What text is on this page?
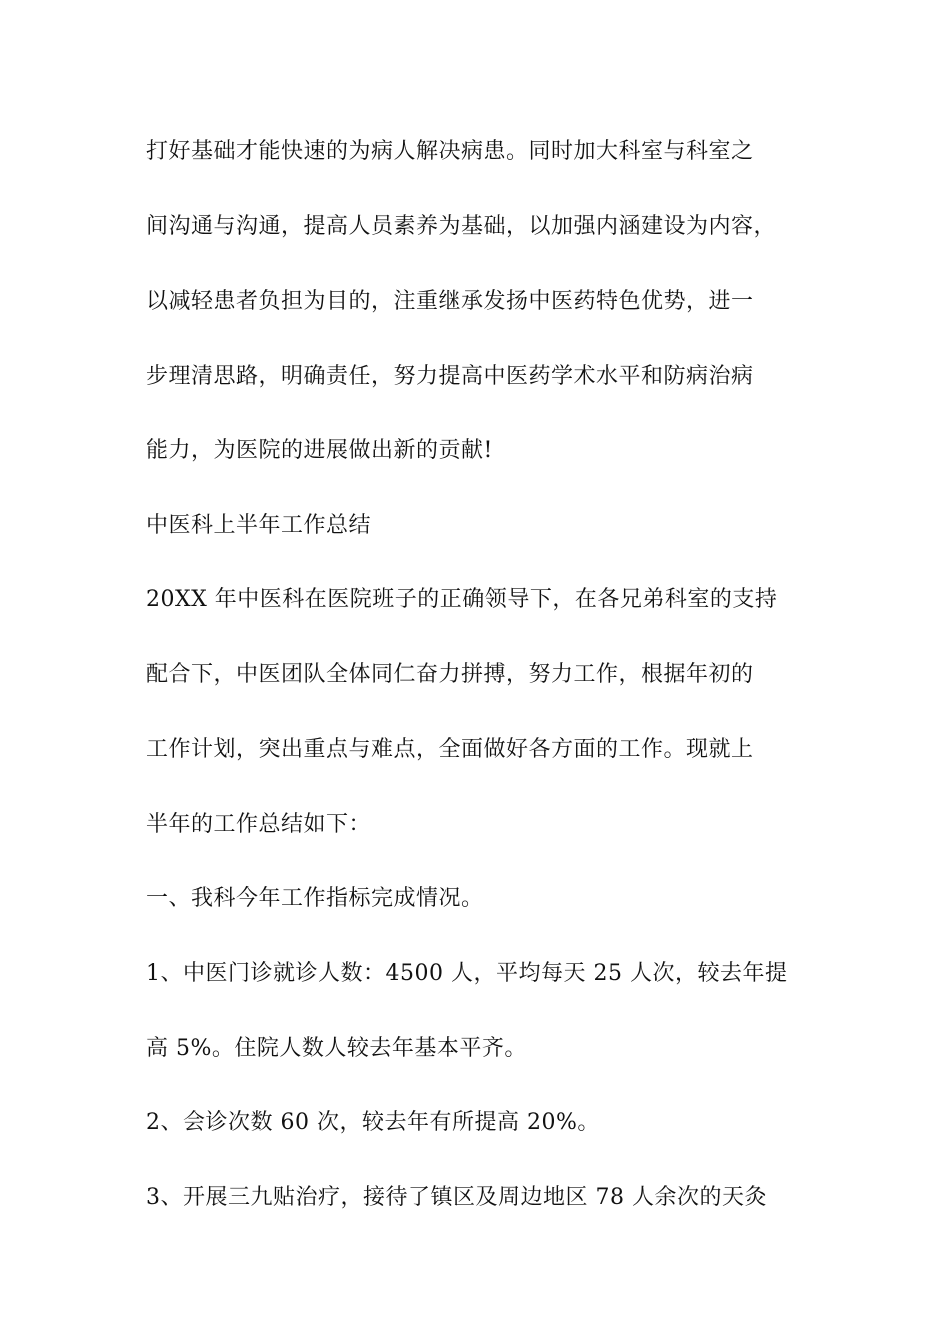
打好基础才能快速的为病人解决病患。同时加大科室与科室之
间沟通与沟通，提高人员素养为基础，以加强内涵建设为内容，
以减轻患者负担为目的，注重继承发扬中医药特色优势，进一
步理清思路，明确责任，努力提高中医药学术水平和防病治病
能力，为医院的进展做出新的贡献!
中医科上半年工作总结
20XX 年中医科在医院班子的正确领导下，在各兄弟科室的支持
配合下，中医团队全体同仁奋力拼搏，努力工作，根据年初的
工作计划，突出重点与难点，全面做好各方面的工作。现就上
半年的工作总结如下：
一、我科今年工作指标完成情况。
1、中医门诊就诊人数：4500 人，平均每天 25 人次，较去年提
高 5%。住院人数人较去年基本平齐。
2、会诊次数 60 次，较去年有所提高 20%。
3、开展三九贴治疗，接待了镇区及周边地区 78 人余次的天灸
